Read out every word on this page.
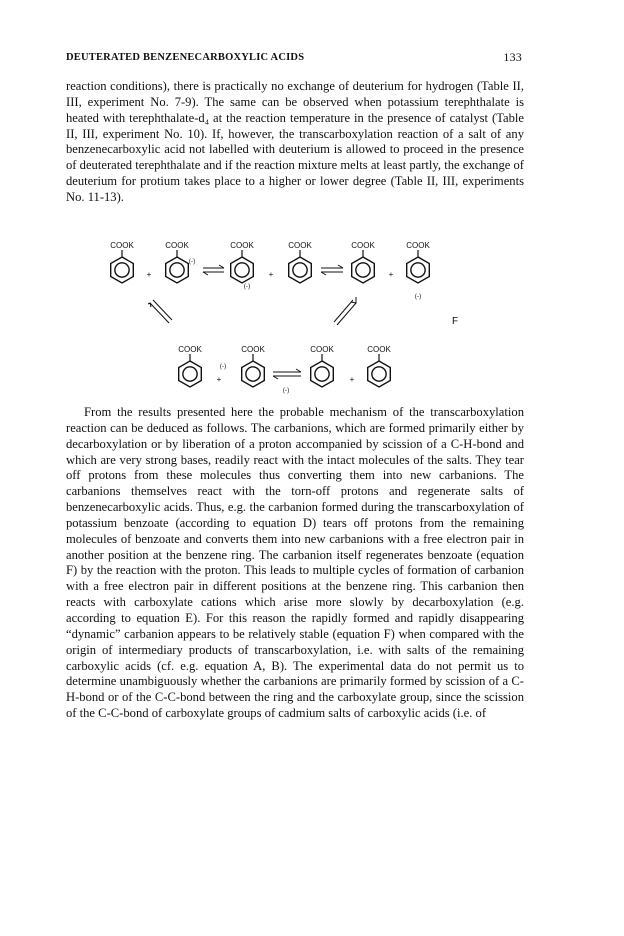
DEUTERATED BENZENECARBOXYLIC ACIDS	133

reaction conditions), there is practically no exchange of deuterium for hydrogen (Table II, III, experiment No. 7-9). The same can be observed when potassium terephthalate is heated with terephthalate-d₄ at the reaction temperature in the presence of catalyst (Table II, III, experiment No. 10). If, however, the transcarboxylation reaction of a salt of any benzenecarboxylic acid not labelled with deuterium is allowed to proceed in the presence of deuterated terephthalate and if the reaction mixture melts at least partly, the exchange of deuterium for protium takes place to a higher or lower degree (Table II, III, experiments No. 11-13).

COOK	COOK	COOK	COOK	COOK	COOK
+	+	+
(-)
(-)
(-)
F
COOK	COOK	COOK	COOK
+	+
(-)
(-)

From the results presented here the probable mechanism of the transcarboxylation reaction can be deduced as follows. The carbanions, which are formed primarily either by decarboxylation or by liberation of a proton accompanied by scission of a C-H-bond and which are very strong bases, readily react with the intact molecules of the salts. They tear off protons from these molecules thus converting them into new carbanions. The carbanions themselves react with the torn-off protons and regenerate salts of benzenecarboxylic acids. Thus, e.g. the carbanion formed during the transcarboxylation of potassium benzoate (according to equation D) tears off protons from the remaining molecules of benzoate and converts them into new carbanions with a free electron pair in another position at the benzene ring. The carbanion itself regenerates benzoate (equation F) by the reaction with the proton. This leads to multiple cycles of formation of carbanion with a free electron pair in different positions at the benzene ring. This carbanion then reacts with carboxylate cations which arise more slowly by decarboxylation (e.g. according to equation E). For this reason the rapidly formed and rapidly disappearing “dynamic” carbanion appears to be relatively stable (equation F) when compared with the origin of intermediary products of transcarboxylation, i.e. with salts of the remaining carboxylic acids (cf. e.g. equation A, B). The experimental data do not permit us to determine unambiguously whether the carbanions are primarily formed by scission of a C-H-bond or of the C-C-bond between the ring and the carboxylate group, since the scission of the C-C-bond of carboxylate groups of cadmium salts of carboxylic acids (i.e. of
